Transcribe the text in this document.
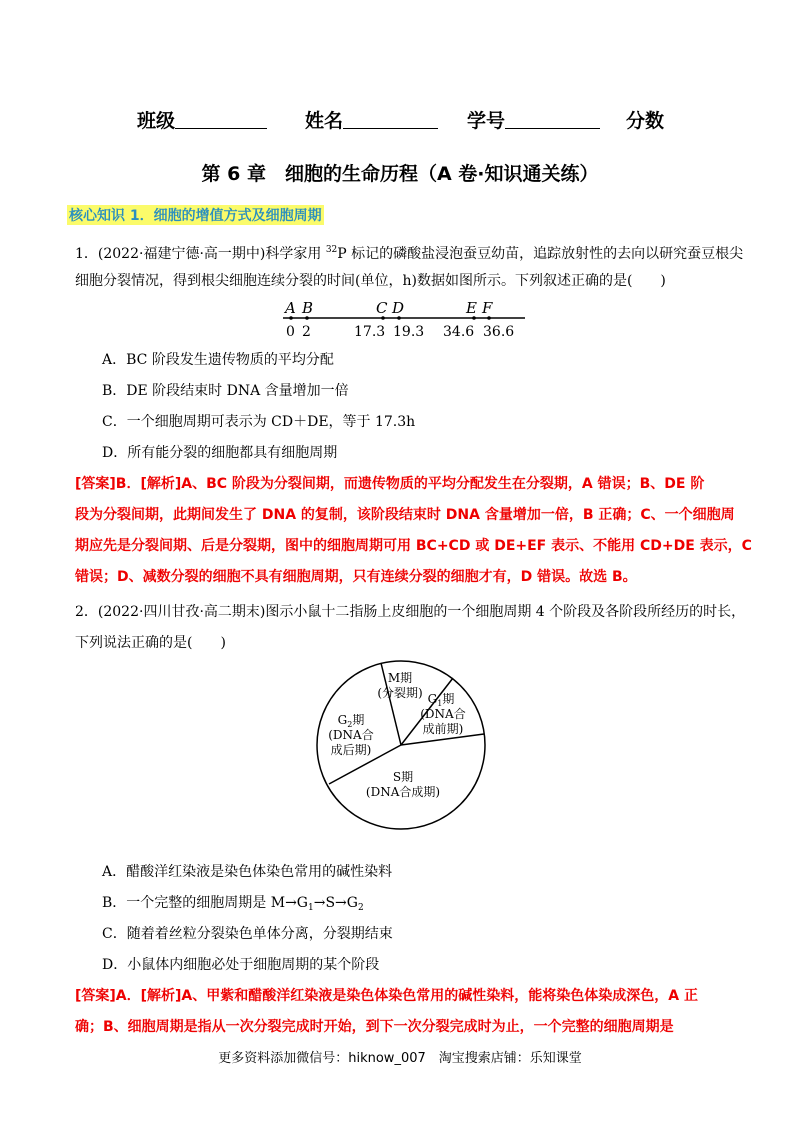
班级	姓名	学号	分数
第 6 章　细胞的生命历程（A 卷·知识通关练）
核心知识 1．细胞的增值方式及细胞周期
1．(2022·福建宁德·高一期中)科学家用 $^{32}$P 标记的磷酸盐浸泡蚕豆幼苗，追踪放射性的去向以研究蚕豆根尖
细胞分裂情况，得到根尖细胞连续分裂的时间(单位，h)数据如图所示。下列叙述正确的是(　　)
A B	C D	E F
0 2	17.3 19.3 34.6 36.6
A．BC 阶段发生遗传物质的平均分配
B．DE 阶段结束时 DNA 含量增加一倍
C．一个细胞周期可表示为 CD＋DE，等于 17.3h
D．所有能分裂的细胞都具有细胞周期
[答案]B．[解析]A、BC 阶段为分裂间期，而遗传物质的平均分配发生在分裂期，A 错误；B、DE 阶
段为分裂间期，此期间发生了 DNA 的复制，该阶段结束时 DNA 含量增加一倍，B 正确；C、一个细胞周
期应先是分裂间期、后是分裂期，图中的细胞周期可用 BC+CD 或 DE+EF 表示、不能用 CD+DE 表示，C
错误；D、减数分裂的细胞不具有细胞周期，只有连续分裂的细胞才有，D 错误。故选 B。
2．(2022·四川甘孜·高二期末)图示小鼠十二指肠上皮细胞的一个细胞周期 4 个阶段及各阶段所经历的时长，
下列说法正确的是(　　)
M期
(分裂期) $G_1$期
(DNA合
成前期)
$G_2$期
(DNA合
成后期)
S期
(DNA合成期)
A．醋酸洋红染液是染色体染色常用的碱性染料
B．一个完整的细胞周期是 $M\to G_1\to S\to G_2$
C．随着着丝粒分裂染色单体分离，分裂期结束
D．小鼠体内细胞必处于细胞周期的某个阶段
[答案]A．[解析]A、甲紫和醋酸洋红染液是染色体染色常用的碱性染料，能将染色体染成深色，A 正
确；B、细胞周期是指从一次分裂完成时开始，到下一次分裂完成时为止，一个完整的细胞周期是
更多资料添加微信号：hiknow_007　淘宝搜索店铺：乐知课堂
